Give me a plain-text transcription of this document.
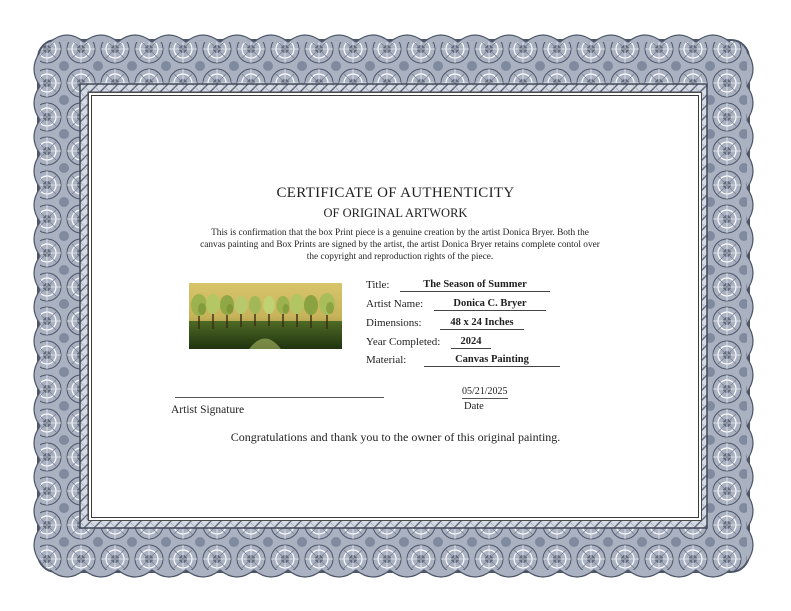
CERTIFICATE OF AUTHENTICITY
OF ORIGINAL ARTWORK
This is confirmation that the box Print piece is a genuine creation by the artist Donica Bryer. Both the
canvas painting and Box Prints are signed by the artist, the artist Donica Bryer retains complete contol over
the copyright and reproduction rights of the piece.
Title:	The Season of Summer
Artist Name:	Donica C. Bryer
Dimensions:	48 x 24 Inches
Year Completed:	2024
Material:	Canvas Painting
Artist Signature
05/21/2025
Date
Congratulations and thank you to the owner of this original painting.
